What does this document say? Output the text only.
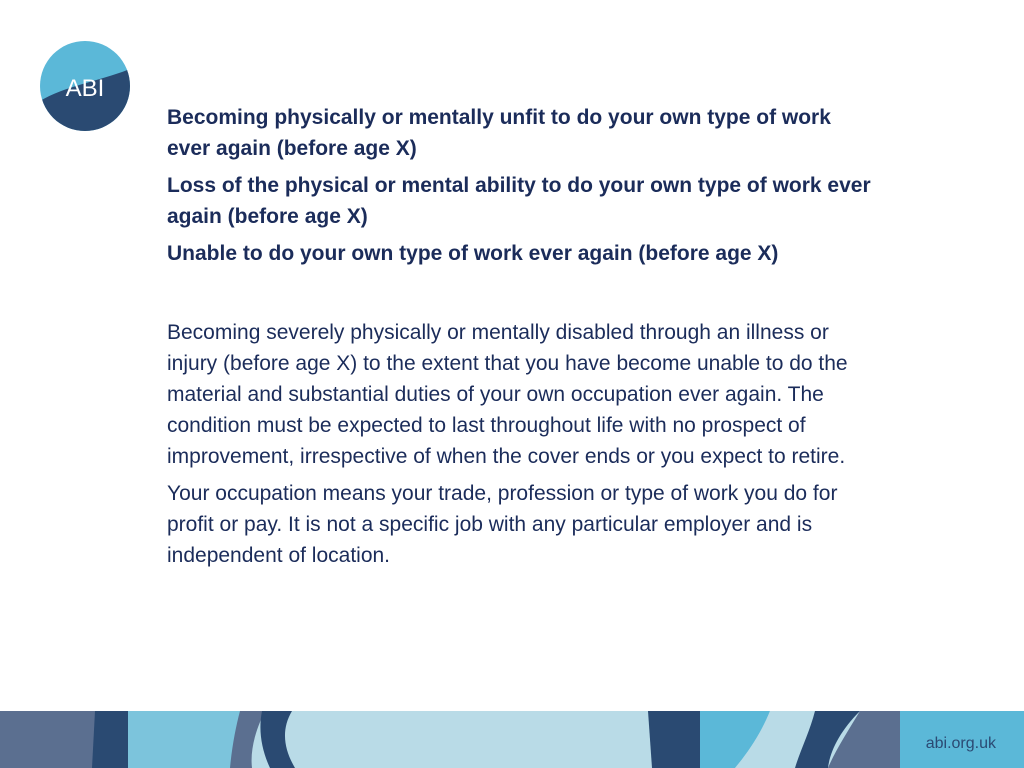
ABI

Becoming physically or mentally unfit to do your own type of work ever again (before age X)

Loss of the physical or mental ability to do your own type of work ever again (before age X)

Unable to do your own type of work ever again (before age X)

Becoming severely physically or mentally disabled through an illness or injury (before age X) to the extent that you have become unable to do the material and substantial duties of your own occupation ever again. The condition must be expected to last throughout life with no prospect of improvement, irrespective of when the cover ends or you expect to retire.

Your occupation means your trade, profession or type of work you do for profit or pay. It is not a specific job with any particular employer and is independent of location.

abi.org.uk
